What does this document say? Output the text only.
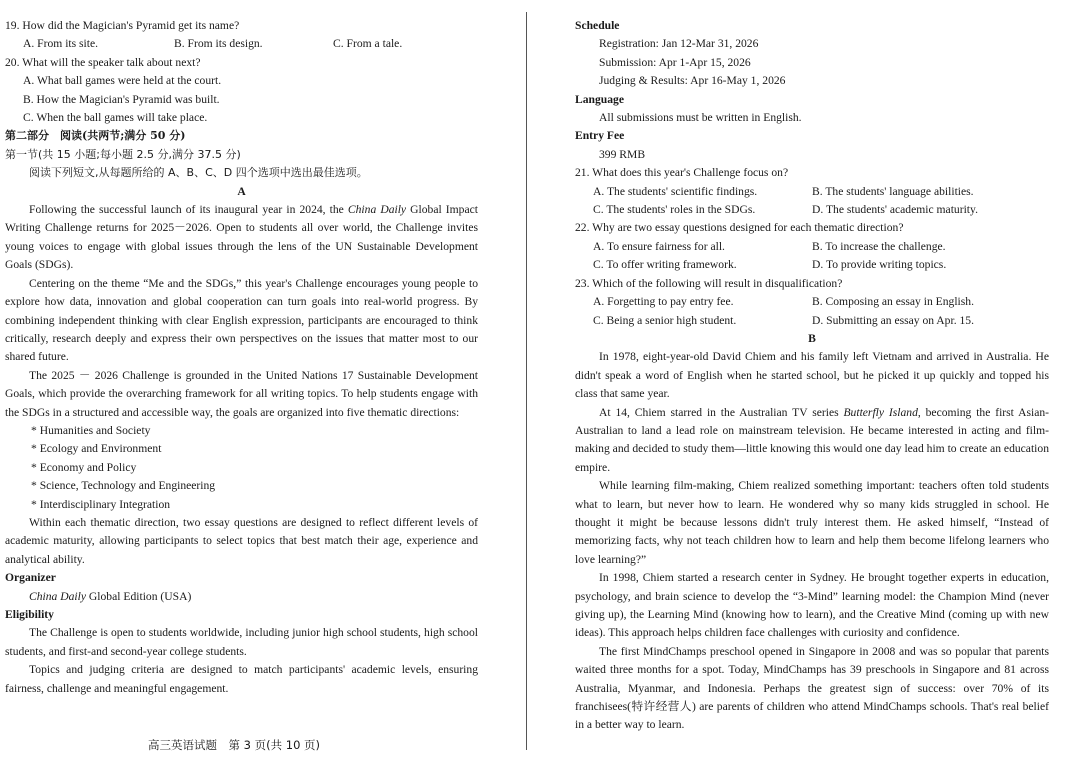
19. How did the Magician's Pyramid get its name?

A. From its site.	B. From its design.	C. From a tale.

20. What will the speaker talk about next?

A. What ball games were held at the court.

B. How the Magician's Pyramid was built.

C. When the ball games will take place.

第二部分　阅读(共两节;满分 50 分)

第一节(共 15 小题;每小题 2.5 分,满分 37.5 分)

阅读下列短文,从每题所给的 A、B、C、D 四个选项中选出最佳选项。

A

Following the successful launch of its inaugural year in 2024, the China Daily Global Impact Writing Challenge returns for 2025－2026. Open to students all over world, the Challenge invites young voices to engage with global issues through the lens of the UN Sustainable Development Goals (SDGs).

Centering on the theme “Me and the SDGs,” this year's Challenge encourages young people to explore how data, innovation and global cooperation can turn goals into real-world progress. By combining independent thinking with clear English expression, participants are encouraged to think critically, research deeply and express their own perspectives on the issues that matter most to our shared future.

The 2025 － 2026 Challenge is grounded in the United Nations 17 Sustainable Development Goals, which provide the overarching framework for all writing topics. To help students engage with the SDGs in a structured and accessible way, the goals are organized into five thematic directions:

* Humanities and Society

* Ecology and Environment

* Economy and Policy

* Science, Technology and Engineering

* Interdisciplinary Integration

Within each thematic direction, two essay questions are designed to reflect different levels of academic maturity, allowing participants to select topics that best match their age, experience and analytical ability.

Organizer

China Daily Global Edition (USA)

Eligibility

The Challenge is open to students worldwide, including junior high school students, high school students, and first-and second-year college students.

Topics and judging criteria are designed to match participants' academic levels, ensuring fairness, challenge and meaningful engagement.

Schedule

Registration: Jan 12-Mar 31, 2026

Submission: Apr 1-Apr 15, 2026

Judging & Results: Apr 16-May 1, 2026

Language

All submissions must be written in English.

Entry Fee

399 RMB

21. What does this year's Challenge focus on?

A. The students' scientific findings.	B. The students' language abilities.
C. The students' roles in the SDGs.	D. The students' academic maturity.

22. Why are two essay questions designed for each thematic direction?

A. To ensure fairness for all.	B. To increase the challenge.
C. To offer writing framework.	D. To provide writing topics.

23. Which of the following will result in disqualification?

A. Forgetting to pay entry fee.	B. Composing an essay in English.
C. Being a senior high student.	D. Submitting an essay on Apr. 15.

B

In 1978, eight-year-old David Chiem and his family left Vietnam and arrived in Australia. He didn't speak a word of English when he started school, but he picked it up quickly and topped his class that same year.

At 14, Chiem starred in the Australian TV series Butterfly Island, becoming the first Asian-Australian to land a lead role on mainstream television. He became interested in acting and film-making and decided to study them—little knowing this would one day lead him to create an education empire.

While learning film-making, Chiem realized something important: teachers often told students what to learn, but never how to learn. He wondered why so many kids struggled in school. He thought it might be because lessons didn't truly interest them. He asked himself, “Instead of memorizing facts, why not teach children how to learn and help them become lifelong learners who love learning?”

In 1998, Chiem started a research center in Sydney. He brought together experts in education, psychology, and brain science to develop the “3-Mind” learning model: the Champion Mind (never giving up), the Learning Mind (knowing how to learn), and the Creative Mind (coming up with new ideas). This approach helps children face challenges with curiosity and confidence.

The first MindChamps preschool opened in Singapore in 2008 and was so popular that parents waited three months for a spot. Today, MindChamps has 39 preschools in Singapore and 81 across Australia, Myanmar, and Indonesia. Perhaps the greatest sign of success: over 70% of its franchisees(特许经营人) are parents of children who attend MindChamps schools. That's real belief in a better way to learn.

高三英语试题　第 3 页(共 10 页)
